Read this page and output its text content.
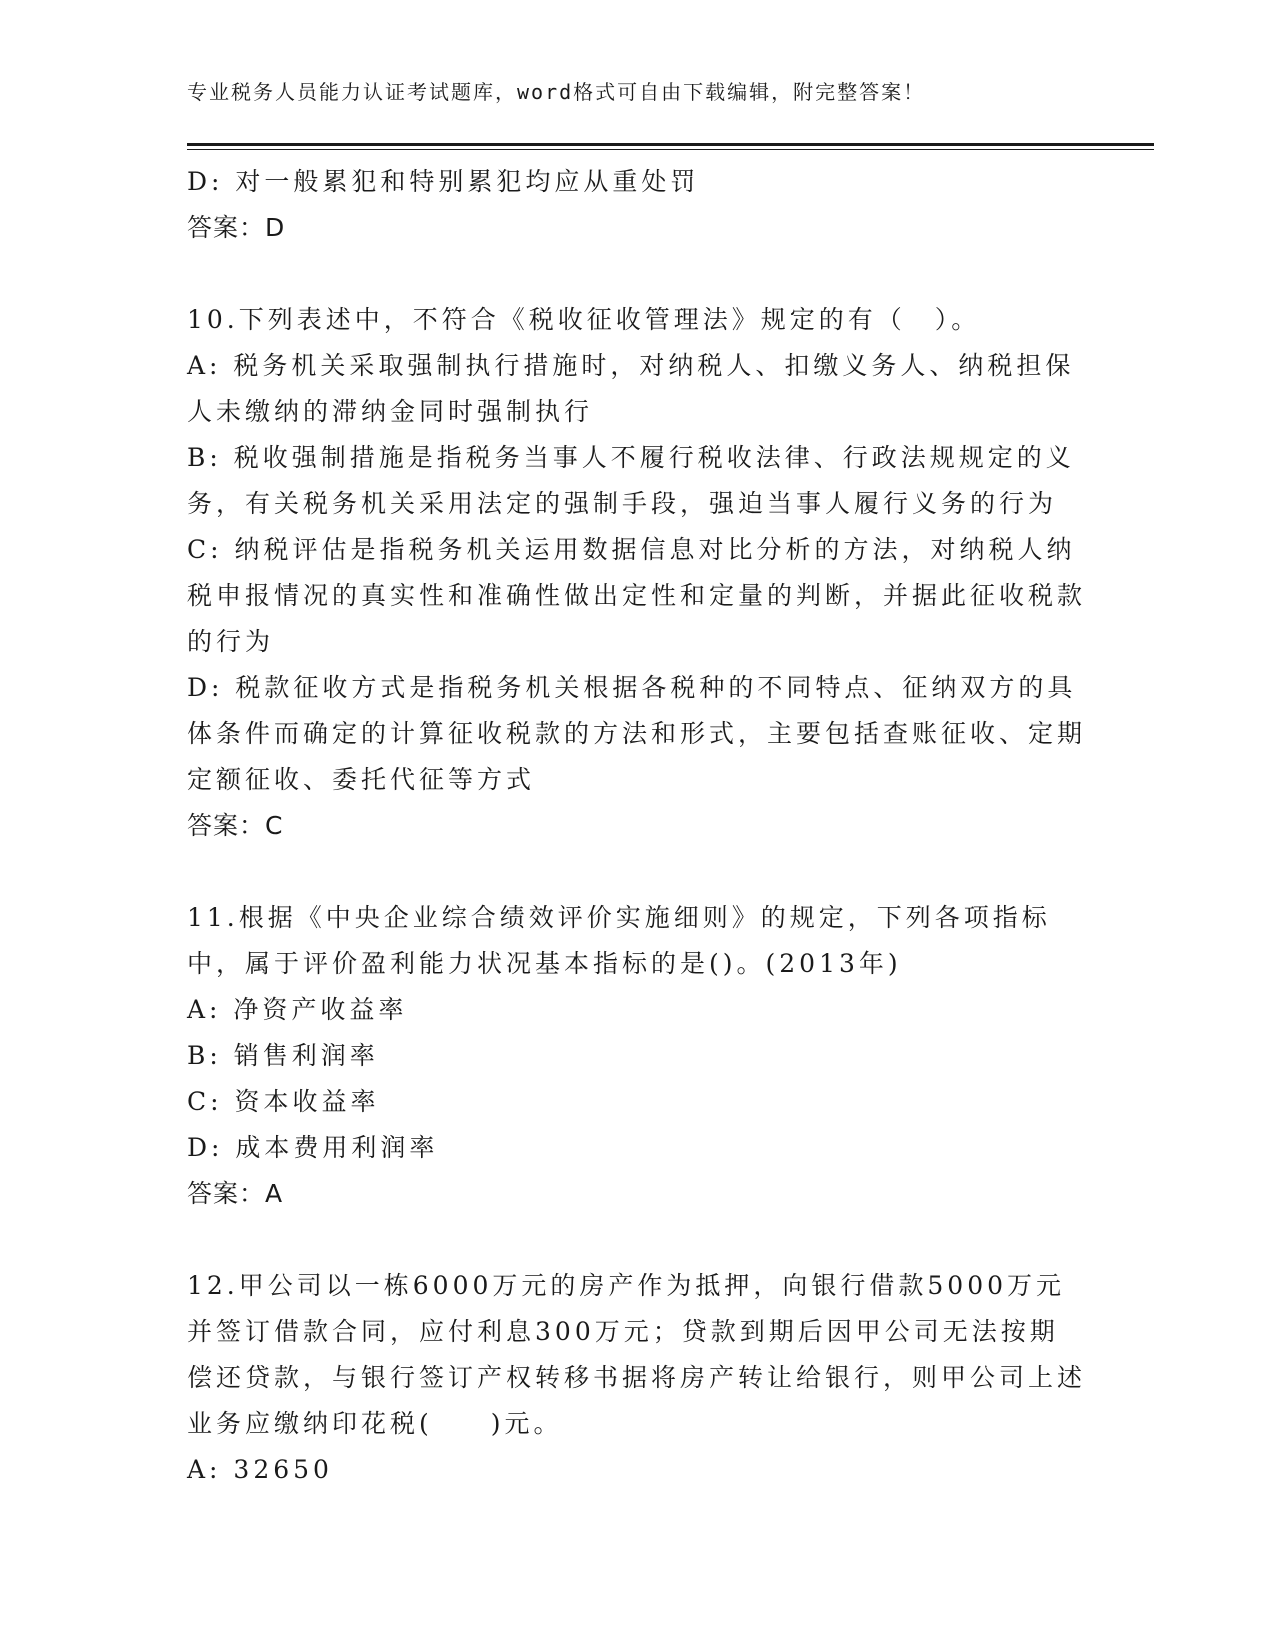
专业税务人员能力认证考试题库，word格式可自由下载编辑，附完整答案！

D: 对一般累犯和特别累犯均应从重处罚

答案：D

10.下列表述中，不符合《税收征收管理法》规定的有（　）。

A: 税务机关采取强制执行措施时，对纳税人、扣缴义务人、纳税担保人未缴纳的滞纳金同时强制执行

B: 税收强制措施是指税务当事人不履行税收法律、行政法规规定的义务，有关税务机关采用法定的强制手段，强迫当事人履行义务的行为

C: 纳税评估是指税务机关运用数据信息对比分析的方法，对纳税人纳税申报情况的真实性和准确性做出定性和定量的判断，并据此征收税款的行为

D: 税款征收方式是指税务机关根据各税种的不同特点、征纳双方的具体条件而确定的计算征收税款的方法和形式，主要包括查账征收、定期定额征收、委托代征等方式

答案：C

11.根据《中央企业综合绩效评价实施细则》的规定，下列各项指标中，属于评价盈利能力状况基本指标的是()。(2013年)

A: 净资产收益率

B: 销售利润率

C: 资本收益率

D: 成本费用利润率

答案：A

12.甲公司以一栋6000万元的房产作为抵押，向银行借款5000万元并签订借款合同，应付利息300万元；贷款到期后因甲公司无法按期偿还贷款，与银行签订产权转移书据将房产转让给银行，则甲公司上述业务应缴纳印花税(　　)元。

A: 32650
